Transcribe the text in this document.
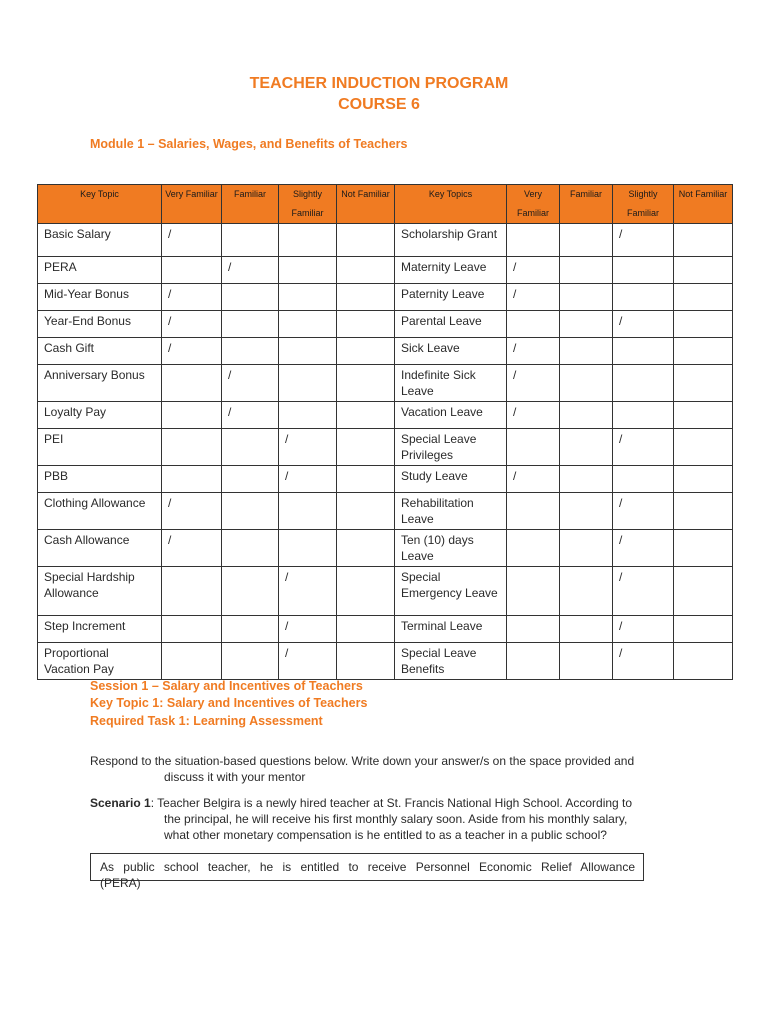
TEACHER INDUCTION PROGRAM
COURSE 6
Module 1 – Salaries, Wages, and Benefits of Teachers
Key Topic	Very Familiar	Familiar	Slightly Familiar	Not Familiar	Key Topics	Very Familiar	Familiar	Slightly Familiar	Not Familiar
Basic Salary	/				Scholarship Grant			/	
PERA		/			Maternity Leave	/			
Mid-Year Bonus	/				Paternity Leave	/			
Year-End Bonus	/				Parental Leave			/	
Cash Gift	/				Sick Leave	/			
Anniversary Bonus		/			Indefinite Sick Leave	/			
Loyalty Pay		/			Vacation Leave	/			
PEI			/		Special Leave Privileges			/	
PBB			/		Study Leave	/			
Clothing Allowance	/				Rehabilitation Leave			/	
Cash Allowance	/				Ten (10) days Leave			/	
Special Hardship Allowance			/		Special Emergency Leave			/	
Step Increment			/		Terminal Leave			/	
Proportional Vacation Pay			/		Special Leave Benefits			/	
Session 1 – Salary and Incentives of Teachers
Key Topic 1: Salary and Incentives of Teachers
Required Task 1: Learning Assessment
Respond to the situation-based questions below. Write down your answer/s on the space provided and
discuss it with your mentor
Scenario 1: Teacher Belgira is a newly hired teacher at St. Francis National High School. According to
the principal, he will receive his first monthly salary soon. Aside from his monthly salary,
what other monetary compensation is he entitled to as a teacher in a public school?
As public school teacher, he is entitled to receive Personnel Economic Relief Allowance
(PERA)
